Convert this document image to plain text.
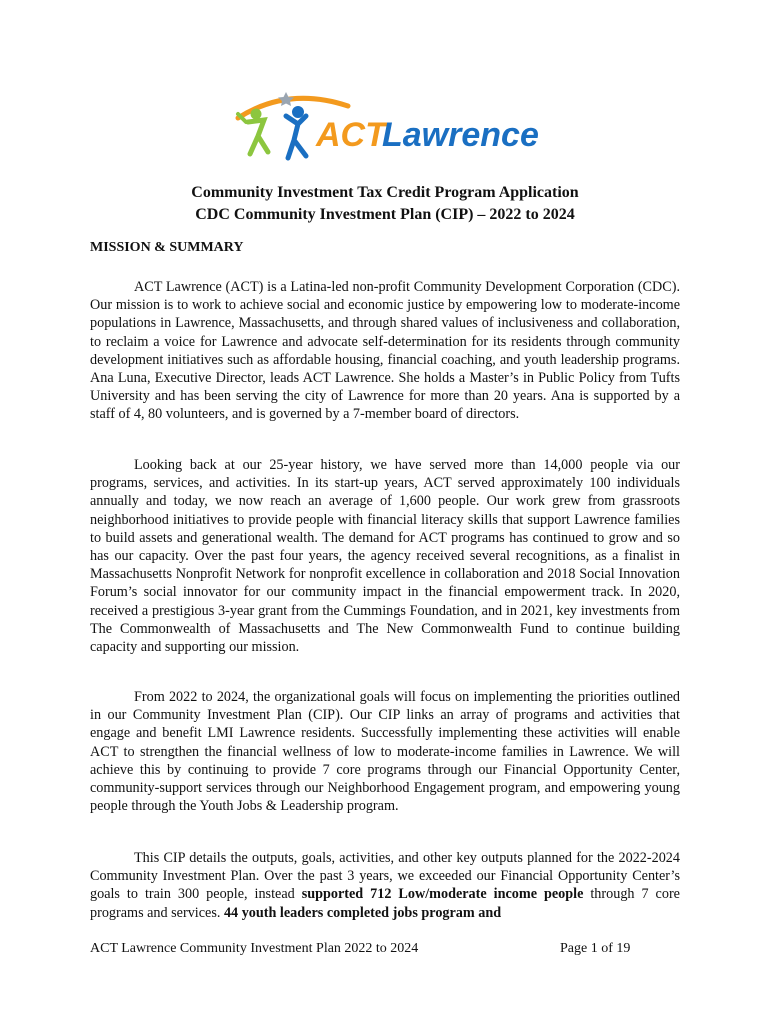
ACT
Lawrence
Community Investment Tax Credit Program Application
CDC Community Investment Plan (CIP) – 2022 to 2024
MISSION & SUMMARY

ACT Lawrence (ACT) is a Latina-led non-profit Community Development Corporation (CDC). Our mission is to work to achieve social and economic justice by empowering low to moderate-income populations in Lawrence, Massachusetts, and through shared values of inclusiveness and collaboration, to reclaim a voice for Lawrence and advocate self-determination for its residents through community development initiatives such as affordable housing, financial coaching, and youth leadership programs. Ana Luna, Executive Director, leads ACT Lawrence. She holds a Master’s in Public Policy from Tufts University and has been serving the city of Lawrence for more than 20 years. Ana is supported by a staff of 4, 80 volunteers, and is governed by a 7-member board of directors.

Looking back at our 25-year history, we have served more than 14,000 people via our programs, services, and activities. In its start-up years, ACT served approximately 100 individuals annually and today, we now reach an average of 1,600 people. Our work grew from grassroots neighborhood initiatives to provide people with financial literacy skills that support Lawrence families to build assets and generational wealth. The demand for ACT programs has continued to grow and so has our capacity. Over the past four years, the agency received several recognitions, as a finalist in Massachusetts Nonprofit Network for nonprofit excellence in collaboration and 2018 Social Innovation Forum’s social innovator for our community impact in the financial empowerment track. In 2020, received a prestigious 3-year grant from the Cummings Foundation, and in 2021, key investments from The Commonwealth of Massachusetts and The New Commonwealth Fund to continue building capacity and supporting our mission.

From 2022 to 2024, the organizational goals will focus on implementing the priorities outlined in our Community Investment Plan (CIP). Our CIP links an array of programs and activities that engage and benefit LMI Lawrence residents. Successfully implementing these activities will enable ACT to strengthen the financial wellness of low to moderate-income families in Lawrence. We will achieve this by continuing to provide 7 core programs through our Financial Opportunity Center, community-support services through our Neighborhood Engagement program, and empowering young people through the Youth Jobs & Leadership program.

This CIP details the outputs, goals, activities, and other key outputs planned for the 2022-2024 Community Investment Plan. Over the past 3 years, we exceeded our Financial Opportunity Center’s goals to train 300 people, instead supported 712 Low/moderate income people through 7 core programs and services. 44 youth leaders completed jobs program and

ACT Lawrence Community Investment Plan 2022 to 2024	Page 1 of 19
